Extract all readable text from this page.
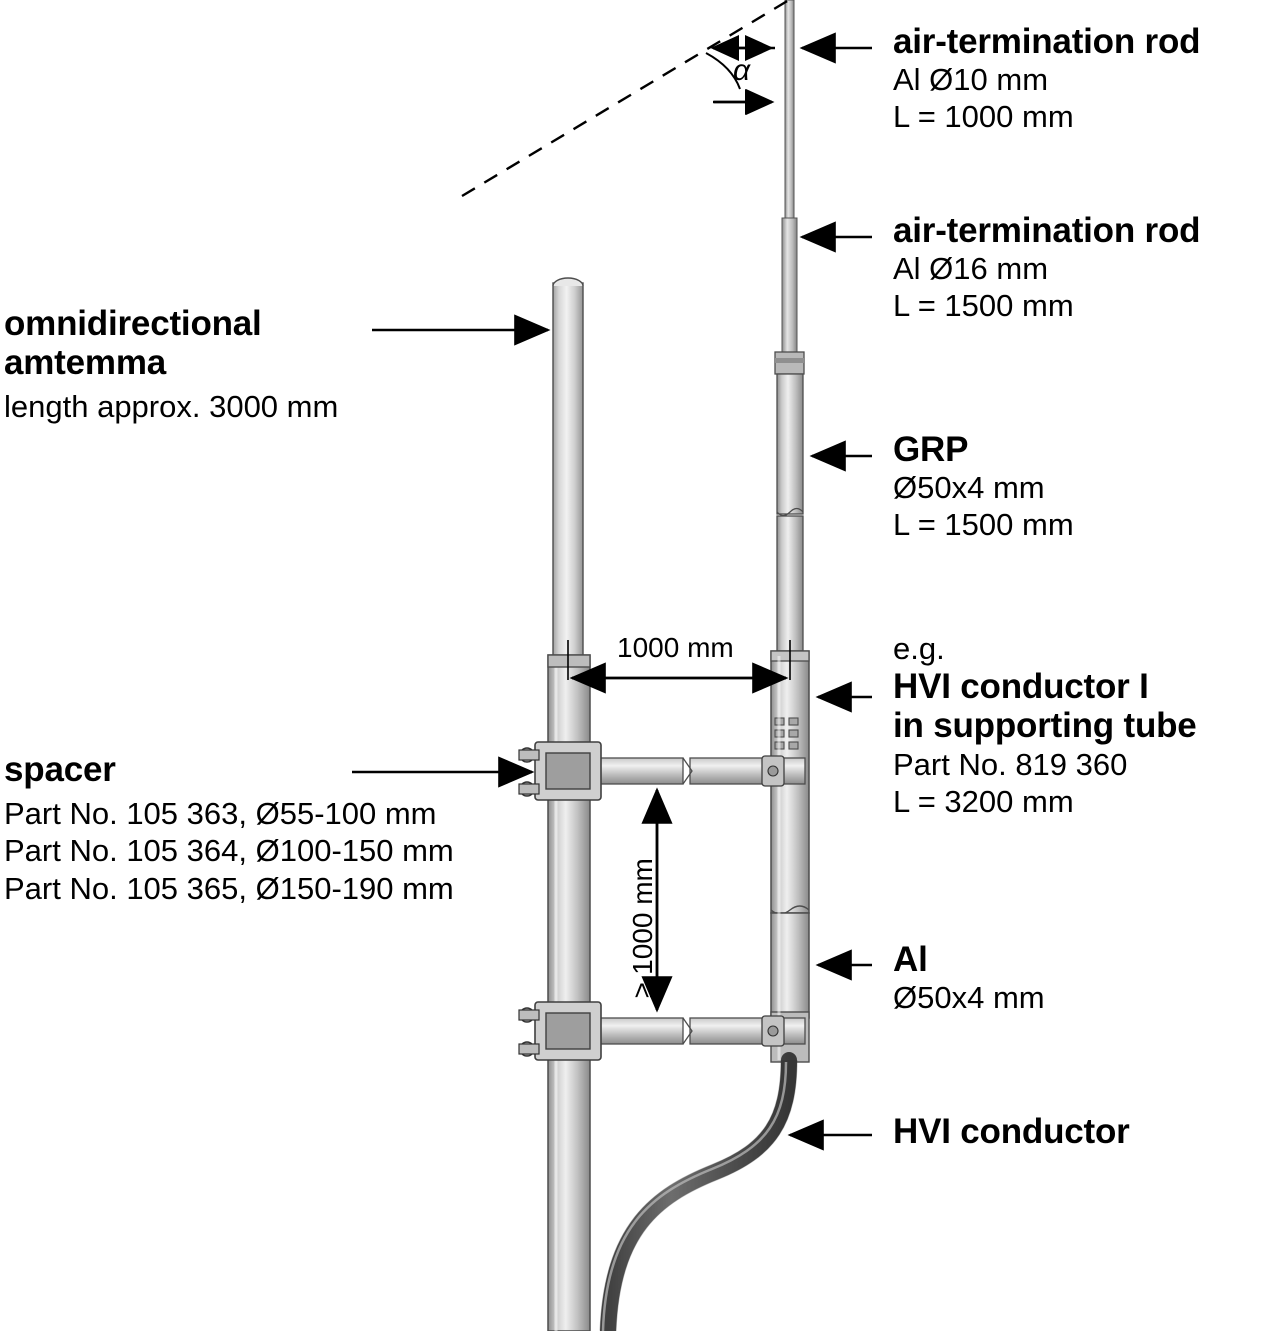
air-termination rod
Al Ø10 mm
L = 1000 mm
air-termination rod
Al Ø16 mm
L = 1500 mm
GRP
Ø50x4 mm
L = 1500 mm
e.g.
HVI conductor I
in supporting tube
Part No. 819 360
L = 3200 mm
Al
Ø50x4 mm
HVI conductor
omnidirectional
amtemma
length approx. 3000 mm
spacer
Part No. 105 363, Ø55-100 mm
Part No. 105 364, Ø100-150 mm
Part No. 105 365, Ø150-190 mm
α
1000 mm
≥ 1000 mm
